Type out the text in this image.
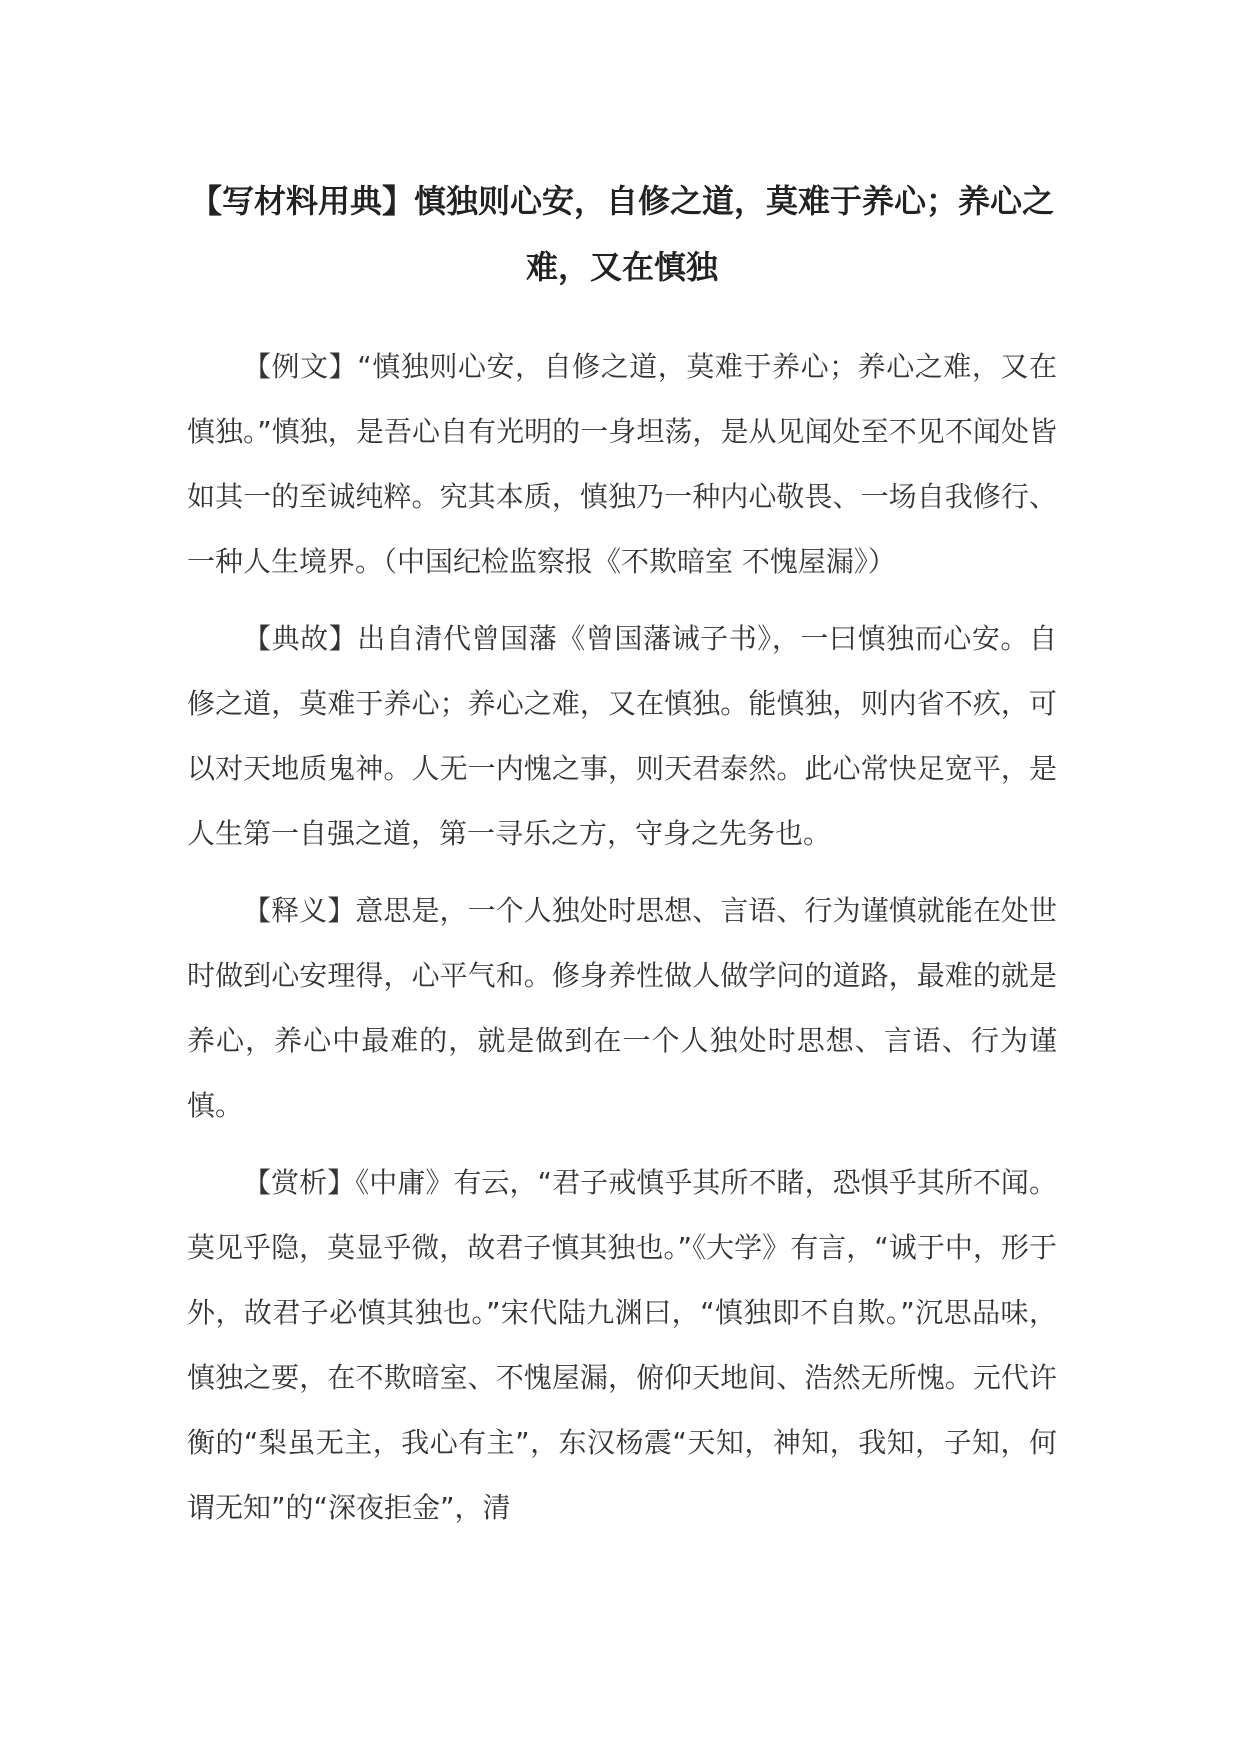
【写材料用典】慎独则心安，自修之道，莫难于养心；养心之难，又在慎独

【例文】“慎独则心安，自修之道，莫难于养心；养心之难，又在慎独。”慎独，是吾心自有光明的一身坦荡，是从见闻处至不见不闻处皆如其一的至诚纯粹。究其本质，慎独乃一种内心敬畏、一场自我修行、一种人生境界。（中国纪检监察报《不欺暗室 不愧屋漏》）

【典故】出自清代曾国藩《曾国藩诫子书》，一曰慎独而心安。自修之道，莫难于养心；养心之难，又在慎独。能慎独，则内省不疚，可以对天地质鬼神。人无一内愧之事，则天君泰然。此心常快足宽平，是人生第一自强之道，第一寻乐之方，守身之先务也。

【释义】意思是，一个人独处时思想、言语、行为谨慎就能在处世时做到心安理得，心平气和。修身养性做人做学问的道路，最难的就是养心，养心中最难的，就是做到在一个人独处时思想、言语、行为谨慎。

【赏析】《中庸》有云，“君子戒慎乎其所不睹，恐惧乎其所不闻。莫见乎隐，莫显乎微，故君子慎其独也。”《大学》有言，“诚于中，形于外，故君子必慎其独也。”宋代陆九渊曰，“慎独即不自欺。”沉思品味，慎独之要，在不欺暗室、不愧屋漏，俯仰天地间、浩然无所愧。元代许衡的“梨虽无主，我心有主”，东汉杨震“天知，神知，我知，子知，何谓无知”的“深夜拒金”，清
